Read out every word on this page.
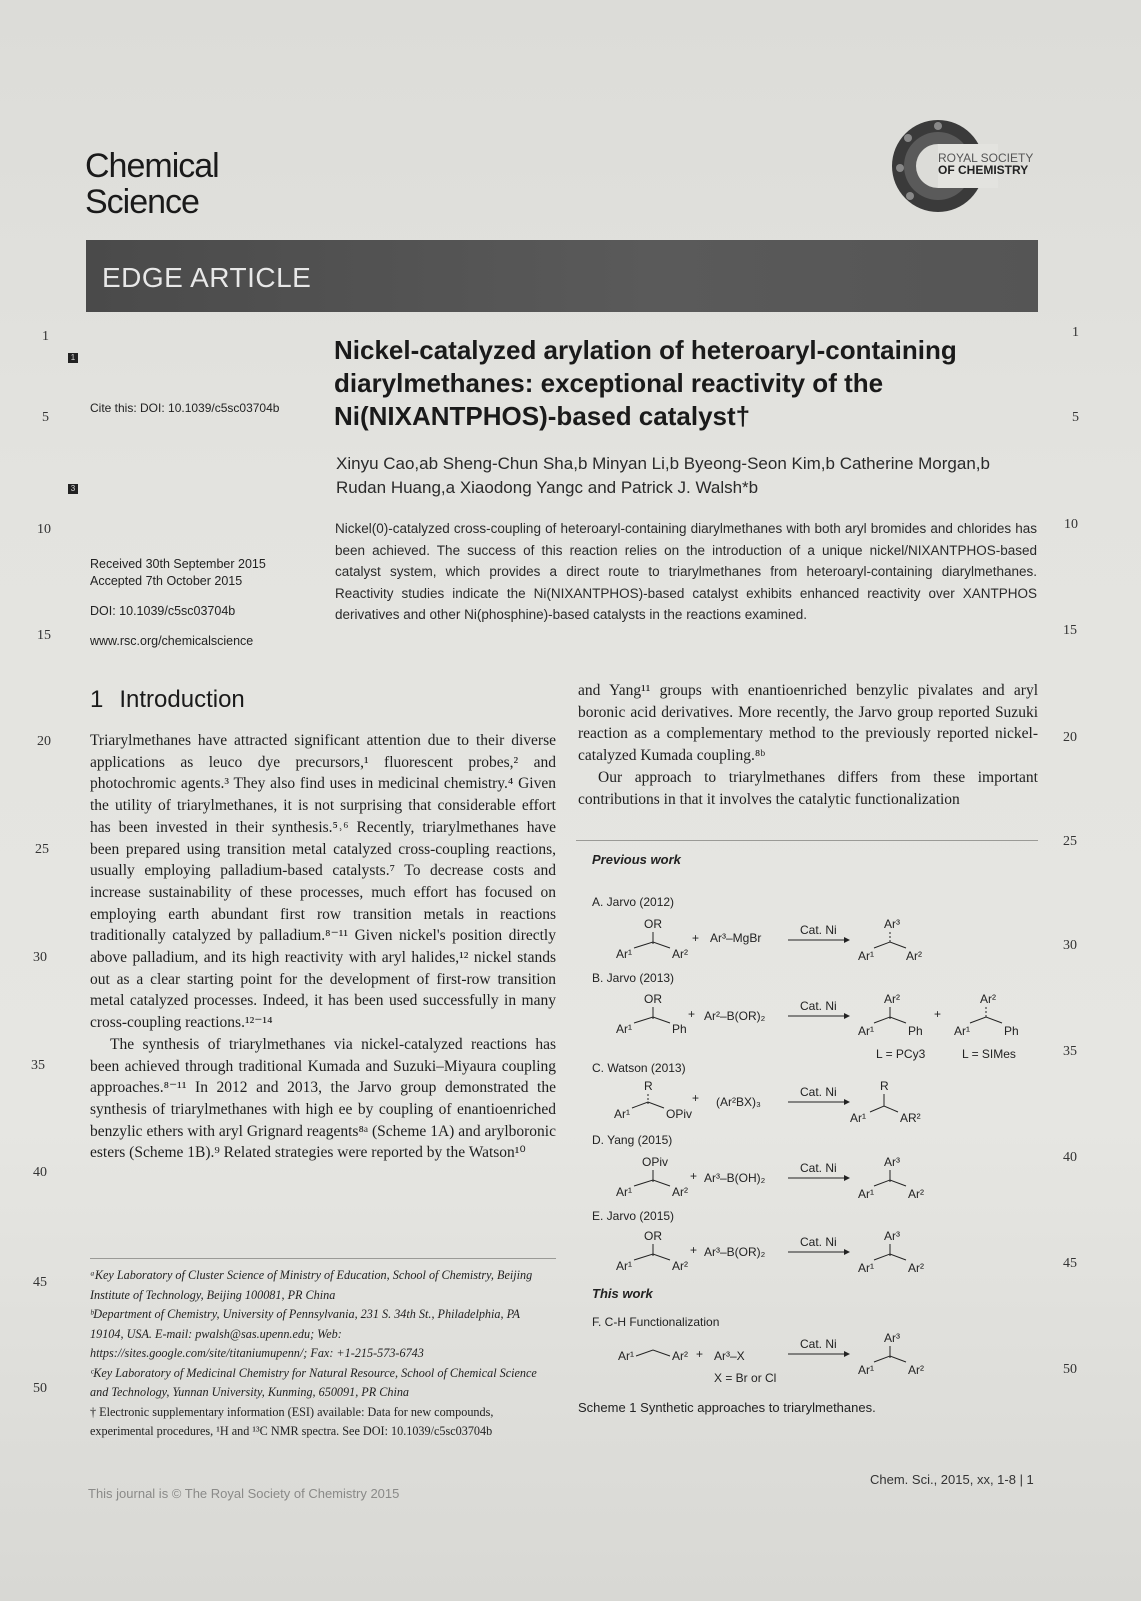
Chemical
Science
ROYAL SOCIETY
OF CHEMISTRY
EDGE ARTICLE
1
5
10
15
20
25
30
35
40
45
50
1
5
10
15
20
25
30
35
40
45
50
1
3
Cite this: DOI: 10.1039/c5sc03704b
Nickel-catalyzed arylation of heteroaryl-containing diarylmethanes: exceptional reactivity of the Ni(NIXANTPHOS)-based catalyst†
Xinyu Cao,ab Sheng-Chun Sha,b Minyan Li,b Byeong-Seon Kim,b Catherine Morgan,b
Rudan Huang,a Xiaodong Yangc and Patrick J. Walsh*b
Received 30th September 2015
Accepted 7th October 2015
DOI: 10.1039/c5sc03704b
www.rsc.org/chemicalscience
Nickel(0)-catalyzed cross-coupling of heteroaryl-containing diarylmethanes with both aryl bromides and chlorides has been achieved. The success of this reaction relies on the introduction of a unique nickel/NIXANTPHOS-based catalyst system, which provides a direct route to triarylmethanes from heteroaryl-containing diarylmethanes. Reactivity studies indicate the Ni(NIXANTPHOS)-based catalyst exhibits enhanced reactivity over XANTPHOS derivatives and other Ni(phosphine)-based catalysts in the reactions examined.
1 Introduction

Triarylmethanes have attracted significant attention due to their diverse applications as leuco dye precursors,¹ fluorescent probes,² and photochromic agents.³ They also find uses in medicinal chemistry.⁴ Given the utility of triarylmethanes, it is not surprising that considerable effort has been invested in their synthesis.⁵˒⁶ Recently, triarylmethanes have been prepared using transition metal catalyzed cross-coupling reactions, usually employing palladium-based catalysts.⁷ To decrease costs and increase sustainability of these processes, much effort has focused on employing earth abundant first row transition metals in reactions traditionally catalyzed by palladium.⁸⁻¹¹ Given nickel's position directly above palladium, and its high reactivity with aryl halides,¹² nickel stands out as a clear starting point for the development of first-row transition metal catalyzed processes. Indeed, it has been used successfully in many cross-coupling reactions.¹²⁻¹⁴

The synthesis of triarylmethanes via nickel-catalyzed reactions has been achieved through traditional Kumada and Suzuki–Miyaura coupling approaches.⁸⁻¹¹ In 2012 and 2013, the Jarvo group demonstrated the synthesis of triarylmethanes with high ee by coupling of enantioenriched benzylic ethers with aryl Grignard reagents⁸ᵃ (Scheme 1A) and arylboronic esters (Scheme 1B).⁹ Related strategies were reported by the Watson¹⁰

and Yang¹¹ groups with enantioenriched benzylic pivalates and aryl boronic acid derivatives. More recently, the Jarvo group reported Suzuki reaction as a complementary method to the previously reported nickel-catalyzed Kumada coupling.⁸ᵇ

Our approach to triarylmethanes differs from these important contributions in that it involves the catalytic functionalization

Previous work
A. Jarvo (2012)
OR
Ar¹	Ar²
+ Ar³–MgBr
Cat. Ni	Ar³
Ar¹	Ar²
B. Jarvo (2013)
OR
Ar¹	Ph
+ Ar²–B(OR)₂
Cat. Ni	Ar²
Ar¹	Ph
+
Ar²
Ar¹	Ph
L = PCy3	L = SIMes
C. Watson (2013)
R
Ar¹	OPiv
+ (Ar²BX)₃
Cat. Ni	R
Ar¹	AR²
D. Yang (2015)
OPiv
Ar¹	Ar²
+ Ar³–B(OH)₂
Cat. Ni	Ar³
Ar¹	Ar²
E. Jarvo (2015)
OR
Ar¹	Ar²
+ Ar³–B(OR)₂
Cat. Ni	Ar³
Ar¹	Ar²
This work
F. C-H Functionalization
Ar¹	Ar² + Ar³–X
Cat. Ni	Ar³
Ar¹	Ar²
X = Br or Cl
Scheme 1 Synthetic approaches to triarylmethanes.

ᵃKey Laboratory of Cluster Science of Ministry of Education, School of Chemistry, Beijing Institute of Technology, Beijing 100081, PR China

ᵇDepartment of Chemistry, University of Pennsylvania, 231 S. 34th St., Philadelphia, PA 19104, USA. E-mail: pwalsh@sas.upenn.edu; Web: https://sites.google.com/site/titaniumupenn/; Fax: +1-215-573-6743

ᶜKey Laboratory of Medicinal Chemistry for Natural Resource, School of Chemical Science and Technology, Yunnan University, Kunming, 650091, PR China

† Electronic supplementary information (ESI) available: Data for new compounds, experimental procedures, ¹H and ¹³C NMR spectra. See DOI: 10.1039/c5sc03704b

This journal is © The Royal Society of Chemistry 2015
Chem. Sci., 2015, xx, 1-8 | 1
